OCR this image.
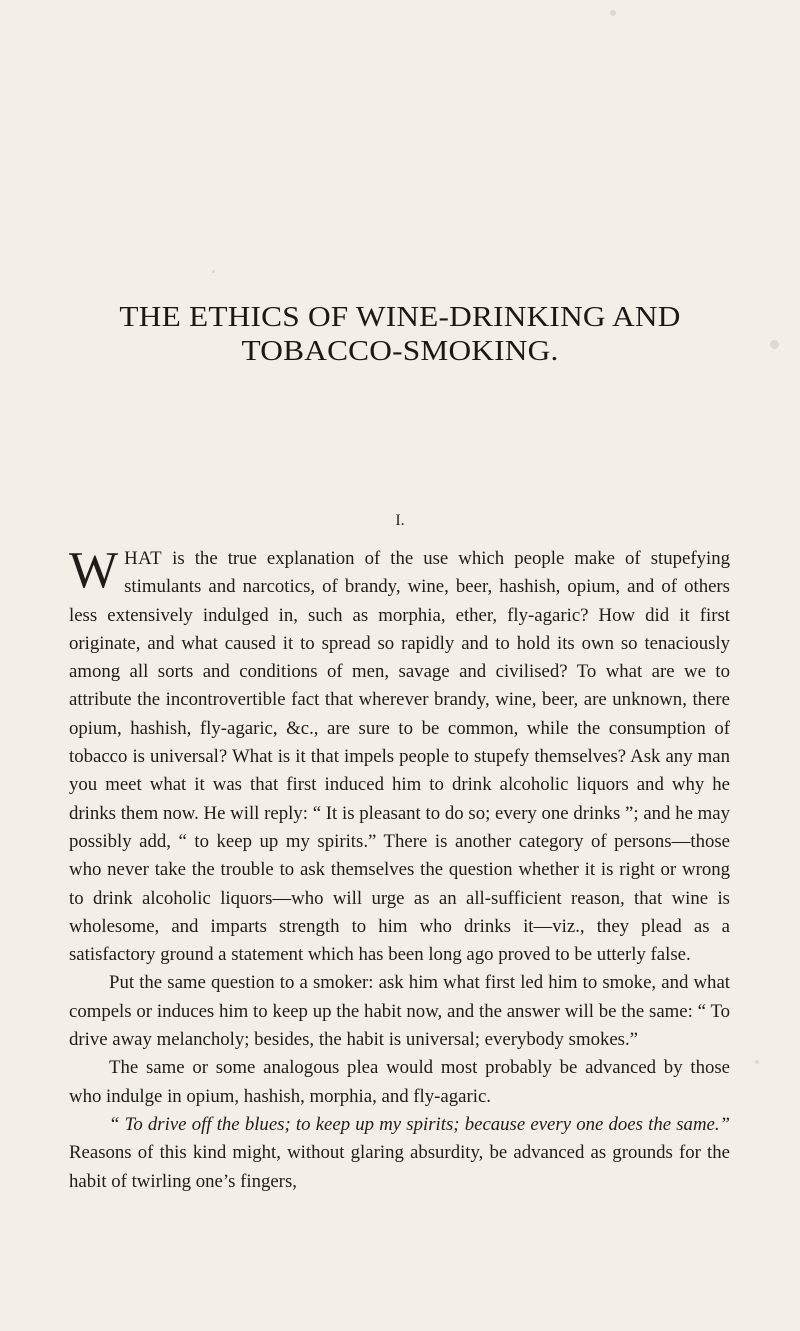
THE ETHICS OF WINE-DRINKING AND
TOBACCO-SMOKING.
I.

WHAT is the true explanation of the use which people make of stupefying stimulants and narcotics, of brandy, wine, beer, hashish, opium, and of others less extensively indulged in, such as morphia, ether, fly-agaric? How did it first originate, and what caused it to spread so rapidly and to hold its own so tenaciously among all sorts and conditions of men, savage and civilised? To what are we to attribute the incontrovertible fact that wherever brandy, wine, beer, are unknown, there opium, hashish, fly-agaric, &c., are sure to be common, while the consumption of tobacco is universal? What is it that impels people to stupefy themselves? Ask any man you meet what it was that first induced him to drink alcoholic liquors and why he drinks them now. He will reply: “ It is pleasant to do so; every one drinks ”; and he may possibly add, “ to keep up my spirits.” There is another category of persons—those who never take the trouble to ask themselves the question whether it is right or wrong to drink alcoholic liquors—who will urge as an all-sufficient reason, that wine is wholesome, and imparts strength to him who drinks it—viz., they plead as a satisfactory ground a statement which has been long ago proved to be utterly false.

Put the same question to a smoker: ask him what first led him to smoke, and what compels or induces him to keep up the habit now, and the answer will be the same: “ To drive away melancholy; besides, the habit is universal; everybody smokes.”

The same or some analogous plea would most probably be advanced by those who indulge in opium, hashish, morphia, and fly-agaric.

“ To drive off the blues; to keep up my spirits; because every one does the same.” Reasons of this kind might, without glaring absurdity, be advanced as grounds for the habit of twirling one’s fingers,
